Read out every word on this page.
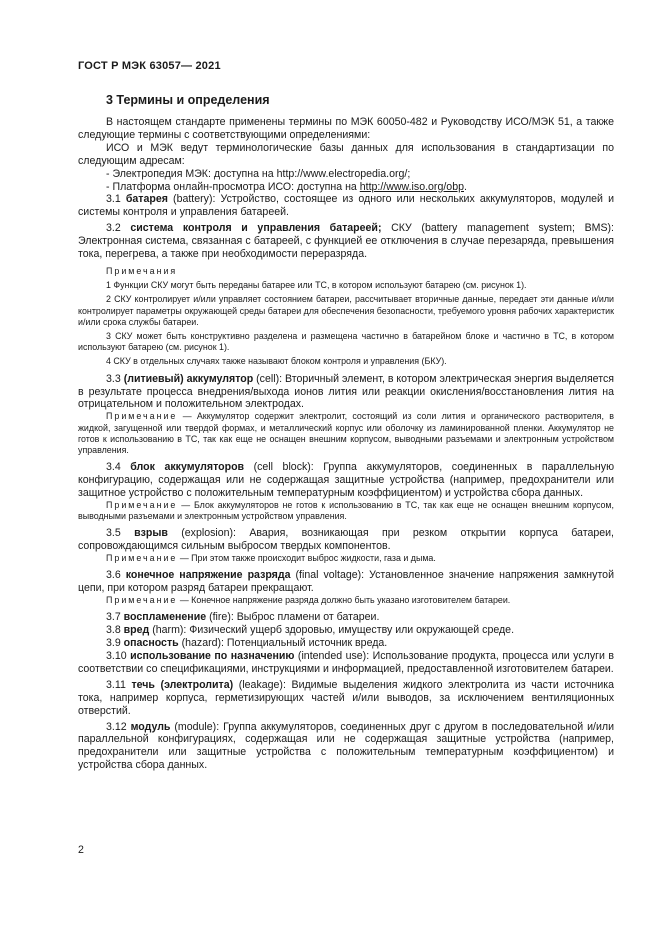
ГОСТ Р МЭК 63057— 2021
3 Термины и определения

В настоящем стандарте применены термины по МЭК 60050-482 и Руководству ИСО/МЭК 51, а также следующие термины с соответствующими определениями:

ИСО и МЭК ведут терминологические базы данных для использования в стандартизации по следующим адресам:

- Электропедия МЭК: доступна на http://www.electropedia.org/;

- Платформа онлайн-просмотра ИСО: доступна на http://www.iso.org/obp.

3.1 батарея (battery): Устройство, состоящее из одного или нескольких аккумуляторов, модулей и системы контроля и управления батареей.

3.2 система контроля и управления батареей; СКУ (battery management system; BMS): Электронная система, связанная с батареей, с функцией ее отключения в случае перезаряда, превышения тока, перегрева, а также при необходимости переразряда.

Примечания

1 Функции СКУ могут быть переданы батарее или ТС, в котором используют батарею (см. рисунок 1).

2 СКУ контролирует и/или управляет состоянием батареи, рассчитывает вторичные данные, передает эти данные и/или контролирует параметры окружающей среды батареи для обеспечения безопасности, требуемого уровня рабочих характеристик и/или срока службы батареи.

3 СКУ может быть конструктивно разделена и размещена частично в батарейном блоке и частично в ТС, в котором используют батарею (см. рисунок 1).

4 СКУ в отдельных случаях также называют блоком контроля и управления (БКУ).

3.3 (литиевый) аккумулятор (cell): Вторичный элемент, в котором электрическая энергия выделяется в результате процесса внедрения/выхода ионов лития или реакции окисления/восстановления лития на отрицательном и положительном электродах.

Примечание — Аккумулятор содержит электролит, состоящий из соли лития и органического растворителя, в жидкой, загущенной или твердой формах, и металлический корпус или оболочку из ламинированной пленки. Аккумулятор не готов к использованию в ТС, так как еще не оснащен внешним корпусом, выводными разъемами и электронным устройством управления.

3.4 блок аккумуляторов (cell block): Группа аккумуляторов, соединенных в параллельную конфигурацию, содержащая или не содержащая защитные устройства (например, предохранители или защитное устройство с положительным температурным коэффициентом) и устройства сбора данных.

Примечание — Блок аккумуляторов не готов к использованию в ТС, так как еще не оснащен внешним корпусом, выводными разъемами и электронным устройством управления.

3.5 взрыв (explosion): Авария, возникающая при резком открытии корпуса батареи, сопровождающимся сильным выбросом твердых компонентов.

Примечание — При этом также происходит выброс жидкости, газа и дыма.

3.6 конечное напряжение разряда (final voltage): Установленное значение напряжения замкнутой цепи, при котором разряд батареи прекращают.

Примечание — Конечное напряжение разряда должно быть указано изготовителем батареи.

3.7 воспламенение (fire): Выброс пламени от батареи.

3.8 вред (harm): Физический ущерб здоровью, имуществу или окружающей среде.

3.9 опасность (hazard): Потенциальный источник вреда.

3.10 использование по назначению (intended use): Использование продукта, процесса или услуги в соответствии со спецификациями, инструкциями и информацией, предоставленной изготовителем батареи.

3.11 течь (электролита) (leakage): Видимые выделения жидкого электролита из части источника тока, например корпуса, герметизирующих частей и/или выводов, за исключением вентиляционных отверстий.

3.12 модуль (module): Группа аккумуляторов, соединенных друг с другом в последовательной и/или параллельной конфигурациях, содержащая или не содержащая защитные устройства (например, предохранители или защитные устройства с положительным температурным коэффициентом) и устройства сбора данных.

2
